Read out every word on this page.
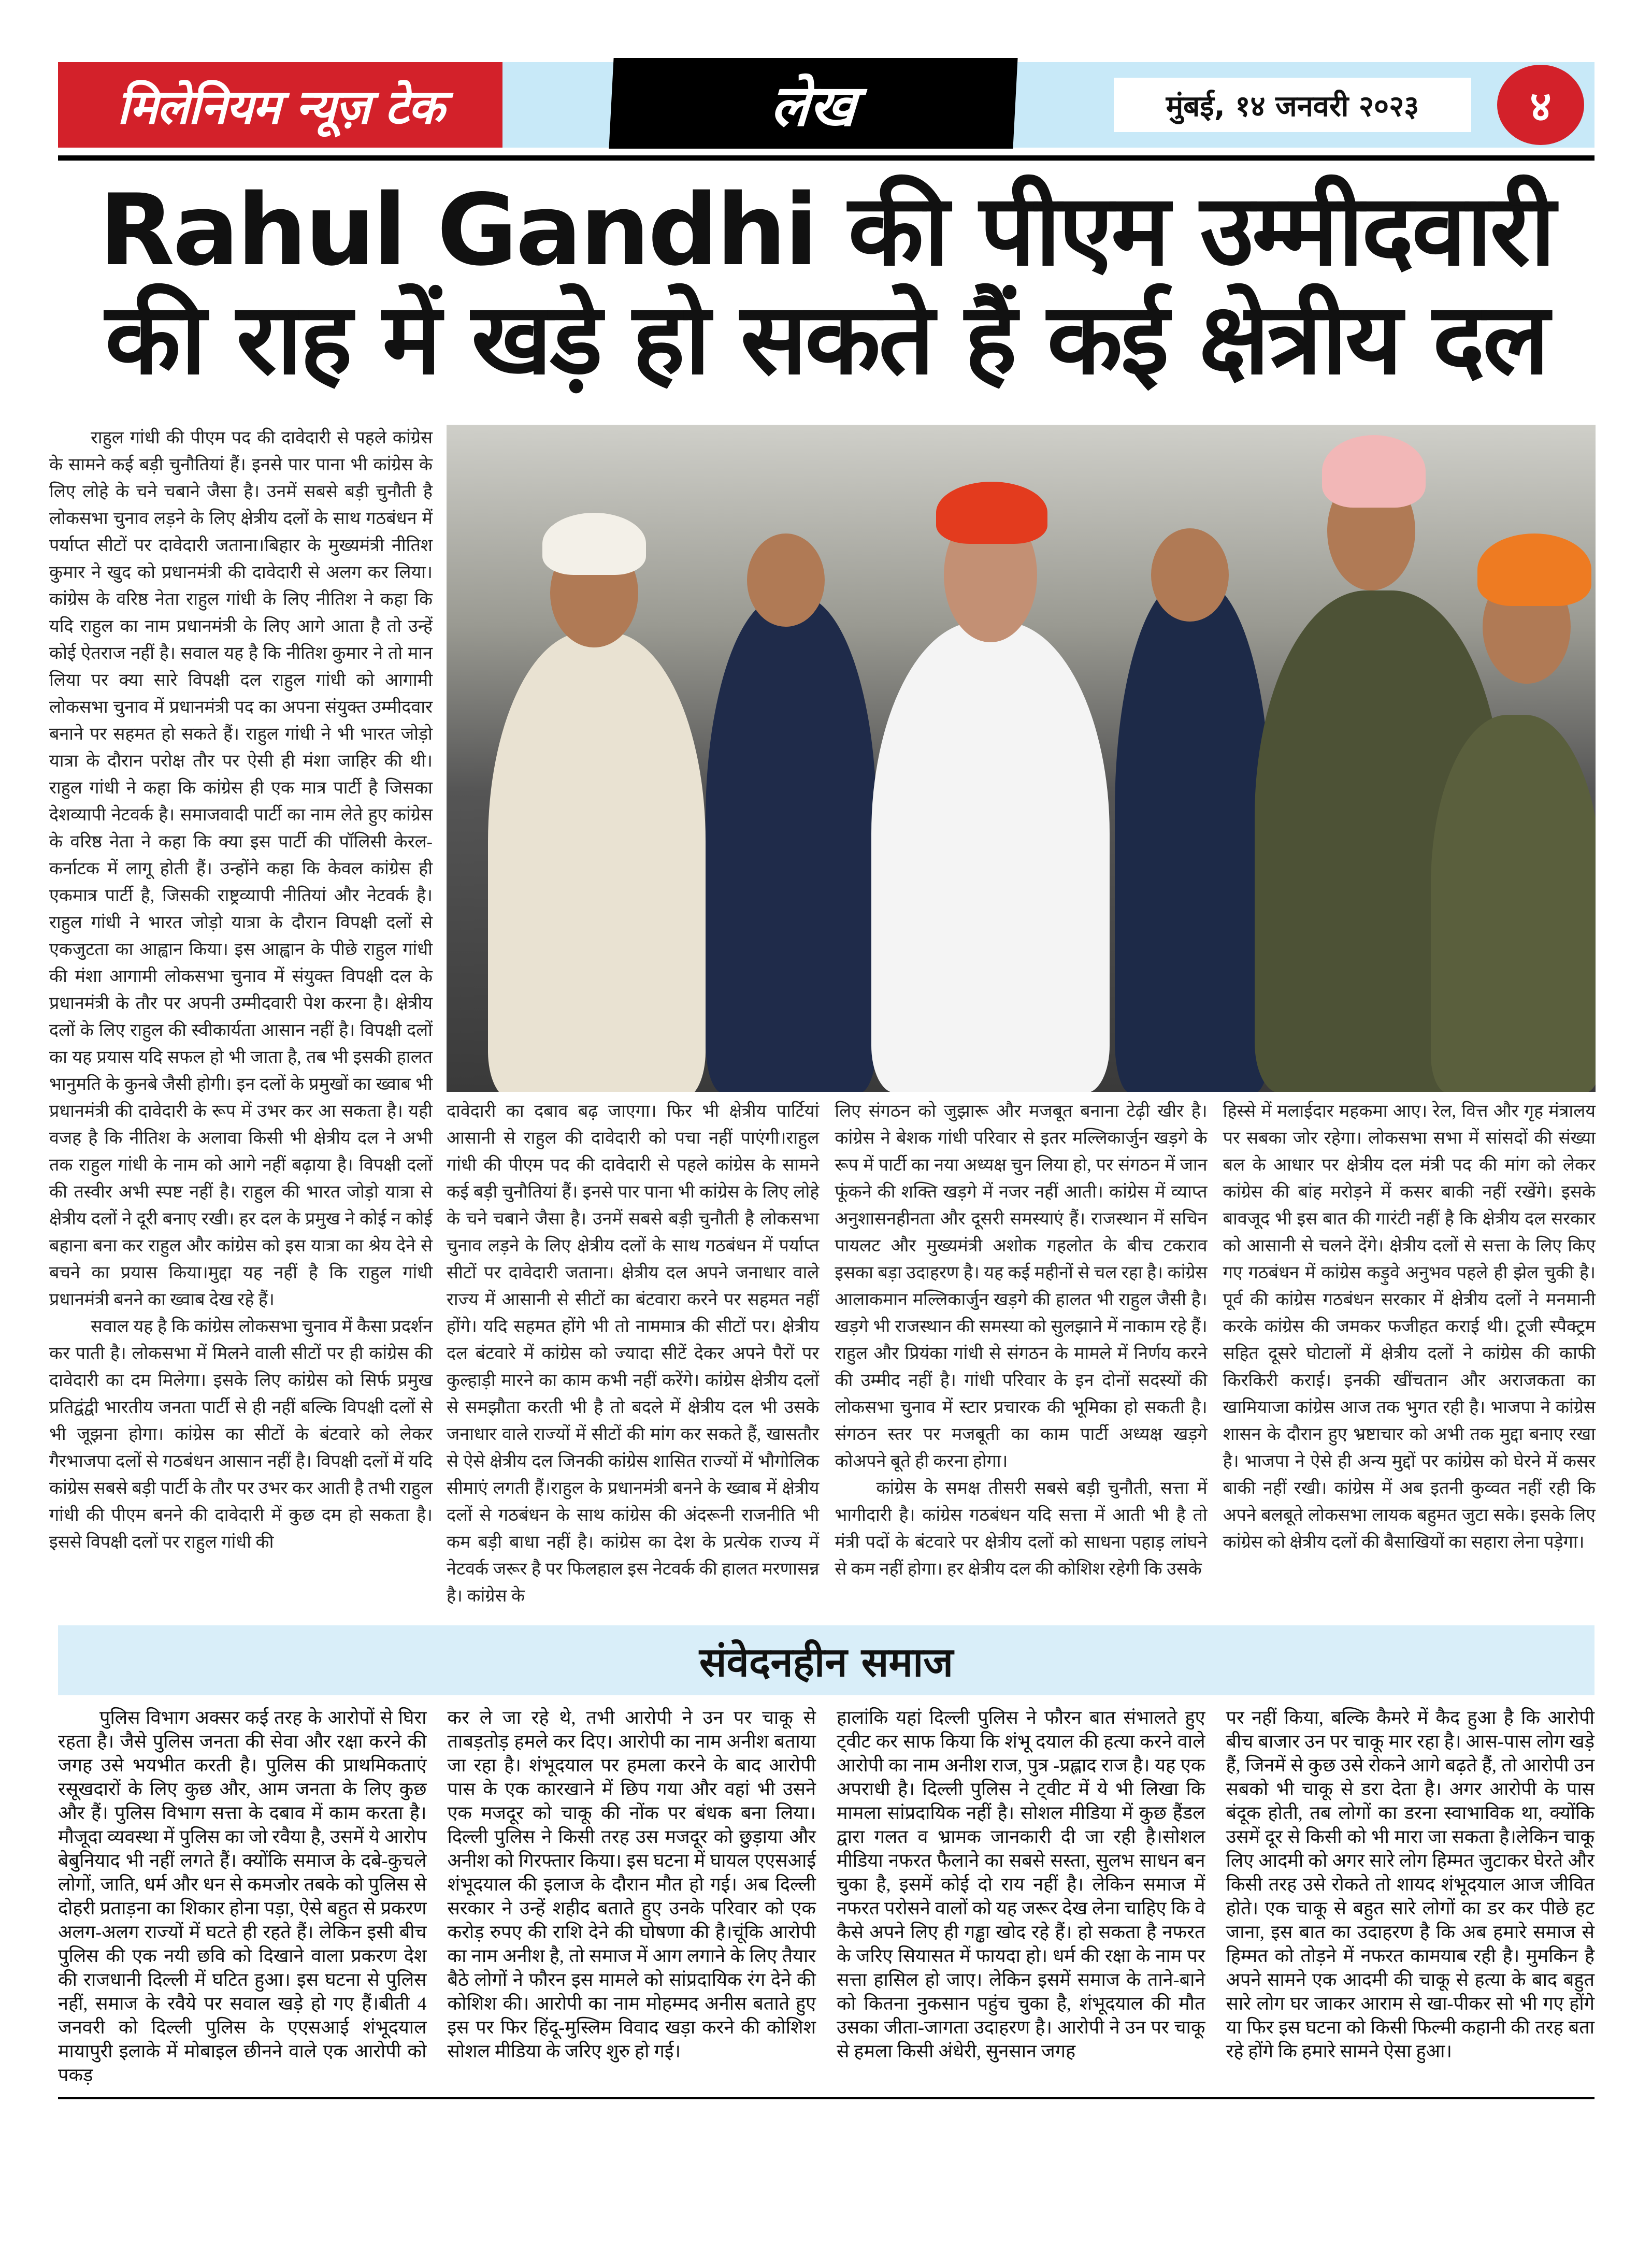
मिलेनियम न्यूज़ टेक	लेख	मुंबई, १४ जनवरी २०२३	४
Rahul Gandhi की पीएम उम्मीदवारी
की राह में खड़े हो सकते हैं कई क्षेत्रीय दल

राहुल गांधी की पीएम पद की दावेदारी से पहले कांग्रेस के सामने कई बड़ी चुनौतियां हैं। इनसे पार पाना भी कांग्रेस के लिए लोहे के चने चबाने जैसा है। उनमें सबसे बड़ी चुनौती है लोकसभा चुनाव लड़ने के लिए क्षेत्रीय दलों के साथ गठबंधन में पर्याप्त सीटों पर दावेदारी जताना।बिहार के मुख्यमंत्री नीतिश कुमार ने खुद को प्रधानमंत्री की दावेदारी से अलग कर लिया। कांग्रेस के वरिष्ठ नेता राहुल गांधी के लिए नीतिश ने कहा कि यदि राहुल का नाम प्रधानमंत्री के लिए आगे आता है तो उन्हें कोई ऐतराज नहीं है। सवाल यह है कि नीतिश कुमार ने तो मान लिया पर क्या सारे विपक्षी दल राहुल गांधी को आगामी लोकसभा चुनाव में प्रधानमंत्री पद का अपना संयुक्त उम्मीदवार बनाने पर सहमत हो सकते हैं। राहुल गांधी ने भी भारत जोड़ो यात्रा के दौरान परोक्ष तौर पर ऐसी ही मंशा जाहिर की थी। राहुल गांधी ने कहा कि कांग्रेस ही एक मात्र पार्टी है जिसका देशव्यापी नेटवर्क है। समाजवादी पार्टी का नाम लेते हुए कांग्रेस के वरिष्ठ नेता ने कहा कि क्या इस पार्टी की पॉलिसी केरल-कर्नाटक में लागू होती हैं। उन्होंने कहा कि केवल कांग्रेस ही एकमात्र पार्टी है, जिसकी राष्ट्रव्यापी नीतियां और नेटवर्क है। राहुल गांधी ने भारत जोड़ो यात्रा के दौरान विपक्षी दलों से एकजुटता का आह्वान किया। इस आह्वान के पीछे राहुल गांधी की मंशा आगामी लोकसभा चुनाव में संयुक्त विपक्षी दल के प्रधानमंत्री के तौर पर अपनी उम्मीदवारी पेश करना है। क्षेत्रीय दलों के लिए राहुल की स्वीकार्यता आसान नहीं है। विपक्षी दलों का यह प्रयास यदि सफल हो भी जाता है, तब भी इसकी हालत भानुमति के कुनबे जैसी होगी। इन दलों के प्रमुखों का ख्वाब भी प्रधानमंत्री की दावेदारी के रूप में उभर कर आ सकता है। यही वजह है कि नीतिश के अलावा किसी भी क्षेत्रीय दल ने अभी तक राहुल गांधी के नाम को आगे नहीं बढ़ाया है। विपक्षी दलों की तस्वीर अभी स्पष्ट नहीं है। राहुल की भारत जोड़ो यात्रा से क्षेत्रीय दलों ने दूरी बनाए रखी। हर दल के प्रमुख ने कोई न कोई बहाना बना कर राहुल और कांग्रेस को इस यात्रा का श्रेय देने से बचने का प्रयास किया।मुद्दा यह नहीं है कि राहुल गांधी प्रधानमंत्री बनने का ख्वाब देख रहे हैं।

सवाल यह है कि कांग्रेस लोकसभा चुनाव में कैसा प्रदर्शन कर पाती है। लोकसभा में मिलने वाली सीटों पर ही कांग्रेस की दावेदारी का दम मिलेगा। इसके लिए कांग्रेस को सिर्फ प्रमुख प्रतिद्वंद्वी भारतीय जनता पार्टी से ही नहीं बल्कि विपक्षी दलों से भी जूझना होगा। कांग्रेस का सीटों के बंटवारे को लेकर गैरभाजपा दलों से गठबंधन आसान नहीं है। विपक्षी दलों में यदि कांग्रेस सबसे बड़ी पार्टी के तौर पर उभर कर आती है तभी राहुल गांधी की पीएम बनने की दावेदारी में कुछ दम हो सकता है। इससे विपक्षी दलों पर राहुल गांधी की

दावेदारी का दबाव बढ़ जाएगा। फिर भी क्षेत्रीय पार्टियां आसानी से राहुल की दावेदारी को पचा नहीं पाएंगी।राहुल गांधी की पीएम पद की दावेदारी से पहले कांग्रेस के सामने कई बड़ी चुनौतियां हैं। इनसे पार पाना भी कांग्रेस के लिए लोहे के चने चबाने जैसा है। उनमें सबसे बड़ी चुनौती है लोकसभा चुनाव लड़ने के लिए क्षेत्रीय दलों के साथ गठबंधन में पर्याप्त सीटों पर दावेदारी जताना। क्षेत्रीय दल अपने जनाधार वाले राज्य में आसानी से सीटों का बंटवारा करने पर सहमत नहीं होंगे। यदि सहमत होंगे भी तो नाममात्र की सीटों पर। क्षेत्रीय दल बंटवारे में कांग्रेस को ज्यादा सीटें देकर अपने पैरों पर कुल्हाड़ी मारने का काम कभी नहीं करेंगे। कांग्रेस क्षेत्रीय दलों से समझौता करती भी है तो बदले में क्षेत्रीय दल भी उसके जनाधार वाले राज्यों में सीटों की मांग कर सकते हैं, खासतौर से ऐसे क्षेत्रीय दल जिनकी कांग्रेस शासित राज्यों में भौगोलिक सीमाएं लगती हैं।राहुल के प्रधानमंत्री बनने के ख्वाब में क्षेत्रीय दलों से गठबंधन के साथ कांग्रेस की अंदरूनी राजनीति भी कम बड़ी बाधा नहीं है। कांग्रेस का देश के प्रत्येक राज्य में नेटवर्क जरूर है पर फिलहाल इस नेटवर्क की हालत मरणासन्न है। कांग्रेस के

लिए संगठन को जुझारू और मजबूत बनाना टेढ़ी खीर है। कांग्रेस ने बेशक गांधी परिवार से इतर मल्लिकार्जुन खड़गे के रूप में पार्टी का नया अध्यक्ष चुन लिया हो, पर संगठन में जान फूंकने की शक्ति खड़गे में नजर नहीं आती। कांग्रेस में व्याप्त अनुशासनहीनता और दूसरी समस्याएं हैं। राजस्थान में सचिन पायलट और मुख्यमंत्री अशोक गहलोत के बीच टकराव इसका बड़ा उदाहरण है। यह कई महीनों से चल रहा है। कांग्रेस आलाकमान मल्लिकार्जुन खड़गे की हालत भी राहुल जैसी है। खड़गे भी राजस्थान की समस्या को सुलझाने में नाकाम रहे हैं। राहुल और प्रियंका गांधी से संगठन के मामले में निर्णय करने की उम्मीद नहीं है। गांधी परिवार के इन दोनों सदस्यों की लोकसभा चुनाव में स्टार प्रचारक की भूमिका हो सकती है। संगठन स्तर पर मजबूती का काम पार्टी अध्यक्ष खड़गे कोअपने बूते ही करना होगा।

कांग्रेस के समक्ष तीसरी सबसे बड़ी चुनौती, सत्ता में भागीदारी है। कांग्रेस गठबंधन यदि सत्ता में आती भी है तो मंत्री पदों के बंटवारे पर क्षेत्रीय दलों को साधना पहाड़ लांघने से कम नहीं होगा। हर क्षेत्रीय दल की कोशिश रहेगी कि उसके

हिस्से में मलाईदार महकमा आए। रेल, वित्त और गृह मंत्रालय पर सबका जोर रहेगा। लोकसभा सभा में सांसदों की संख्या बल के आधार पर क्षेत्रीय दल मंत्री पद की मांग को लेकर कांग्रेस की बांह मरोड़ने में कसर बाकी नहीं रखेंगे। इसके बावजूद भी इस बात की गारंटी नहीं है कि क्षेत्रीय दल सरकार को आसानी से चलने देंगे। क्षेत्रीय दलों से सत्ता के लिए किए गए गठबंधन में कांग्रेस कड़ुवे अनुभव पहले ही झेल चुकी है। पूर्व की कांग्रेस गठबंधन सरकार में क्षेत्रीय दलों ने मनमानी करके कांग्रेस की जमकर फजीहत कराई थी। टूजी स्पैक्ट्रम सहित दूसरे घोटालों में क्षेत्रीय दलों ने कांग्रेस की काफी किरकिरी कराई। इनकी खींचतान और अराजकता का खामियाजा कांग्रेस आज तक भुगत रही है। भाजपा ने कांग्रेस शासन के दौरान हुए भ्रष्टाचार को अभी तक मुद्दा बनाए रखा है। भाजपा ने ऐसे ही अन्य मुद्दों पर कांग्रेस को घेरने में कसर बाकी नहीं रखी। कांग्रेस में अब इतनी कुव्वत नहीं रही कि अपने बलबूते लोकसभा लायक बहुमत जुटा सके। इसके लिए कांग्रेस को क्षेत्रीय दलों की बैसाखियों का सहारा लेना पड़ेगा।

संवेदनहीन समाज

पुलिस विभाग अक्सर कई तरह के आरोपों से घिरा रहता है। जैसे पुलिस जनता की सेवा और रक्षा करने की जगह उसे भयभीत करती है। पुलिस की प्राथमिकताएं रसूखदारों के लिए कुछ और, आम जनता के लिए कुछ और हैं। पुलिस विभाग सत्ता के दबाव में काम करता है। मौजूदा व्यवस्था में पुलिस का जो रवैया है, उसमें ये आरोप बेबुनियाद भी नहीं लगते हैं। क्योंकि समाज के दबे-कुचले लोगों, जाति, धर्म और धन से कमजोर तबके को पुलिस से दोहरी प्रताड़ना का शिकार होना पड़ा, ऐसे बहुत से प्रकरण अलग-अलग राज्यों में घटते ही रहते हैं। लेकिन इसी बीच पुलिस की एक नयी छवि को दिखाने वाला प्रकरण देश की राजधानी दिल्ली में घटित हुआ। इस घटना से पुलिस नहीं, समाज के रवैये पर सवाल खड़े हो गए हैं।बीती 4 जनवरी को दिल्ली पुलिस के एएसआई शंभूदयाल मायापुरी इलाके में मोबाइल छीनने वाले एक आरोपी को पकड़

कर ले जा रहे थे, तभी आरोपी ने उन पर चाकू से ताबड़तोड़ हमले कर दिए। आरोपी का नाम अनीश बताया जा रहा है। शंभूदयाल पर हमला करने के बाद आरोपी पास के एक कारखाने में छिप गया और वहां भी उसने एक मजदूर को चाकू की नोंक पर बंधक बना लिया। दिल्ली पुलिस ने किसी तरह उस मजदूर को छुड़ाया और अनीश को गिरफ्तार किया। इस घटना में घायल एएसआई शंभूदयाल की इलाज के दौरान मौत हो गई। अब दिल्ली सरकार ने उन्हें शहीद बताते हुए उनके परिवार को एक करोड़ रुपए की राशि देने की घोषणा की है।चूंकि आरोपी का नाम अनीश है, तो समाज में आग लगाने के लिए तैयार बैठे लोगों ने फौरन इस मामले को सांप्रदायिक रंग देने की कोशिश की। आरोपी का नाम मोहम्मद अनीस बताते हुए इस पर फिर हिंदू-मुस्लिम विवाद खड़ा करने की कोशिश सोशल मीडिया के जरिए शुरु हो गई।

हालांकि यहां दिल्ली पुलिस ने फौरन बात संभालते हुए ट्वीट कर साफ किया कि शंभू दयाल की हत्या करने वाले आरोपी का नाम अनीश राज, पुत्र -प्रह्लाद राज है। यह एक अपराधी है। दिल्ली पुलिस ने ट्वीट में ये भी लिखा कि मामला सांप्रदायिक नहीं है। सोशल मीडिया में कुछ हैंडल द्वारा गलत व भ्रामक जानकारी दी जा रही है।सोशल मीडिया नफरत फैलाने का सबसे सस्ता, सुलभ साधन बन चुका है, इसमें कोई दो राय नहीं है। लेकिन समाज में नफरत परोसने वालों को यह जरूर देख लेना चाहिए कि वे कैसे अपने लिए ही गड्ढा खोद रहे हैं। हो सकता है नफरत के जरिए सियासत में फायदा हो। धर्म की रक्षा के नाम पर सत्ता हासिल हो जाए। लेकिन इसमें समाज के ताने-बाने को कितना नुकसान पहुंच चुका है, शंभूदयाल की मौत उसका जीता-जागता उदाहरण है। आरोपी ने उन पर चाकू से हमला किसी अंधेरी, सुनसान जगह

पर नहीं किया, बल्कि कैमरे में कैद हुआ है कि आरोपी बीच बाजार उन पर चाकू मार रहा है। आस-पास लोग खड़े हैं, जिनमें से कुछ उसे रोकने आगे बढ़ते हैं, तो आरोपी उन सबको भी चाकू से डरा देता है। अगर आरोपी के पास बंदूक होती, तब लोगों का डरना स्वाभाविक था, क्योंकि उसमें दूर से किसी को भी मारा जा सकता है।लेकिन चाकू लिए आदमी को अगर सारे लोग हिम्मत जुटाकर घेरते और किसी तरह उसे रोकते तो शायद शंभूदयाल आज जीवित होते। एक चाकू से बहुत सारे लोगों का डर कर पीछे हट जाना, इस बात का उदाहरण है कि अब हमारे समाज से हिम्मत को तोड़ने में नफरत कामयाब रही है। मुमकिन है अपने सामने एक आदमी की चाकू से हत्या के बाद बहुत सारे लोग घर जाकर आराम से खा-पीकर सो भी गए होंगे या फिर इस घटना को किसी फिल्मी कहानी की तरह बता रहे होंगे कि हमारे सामने ऐसा हुआ।
